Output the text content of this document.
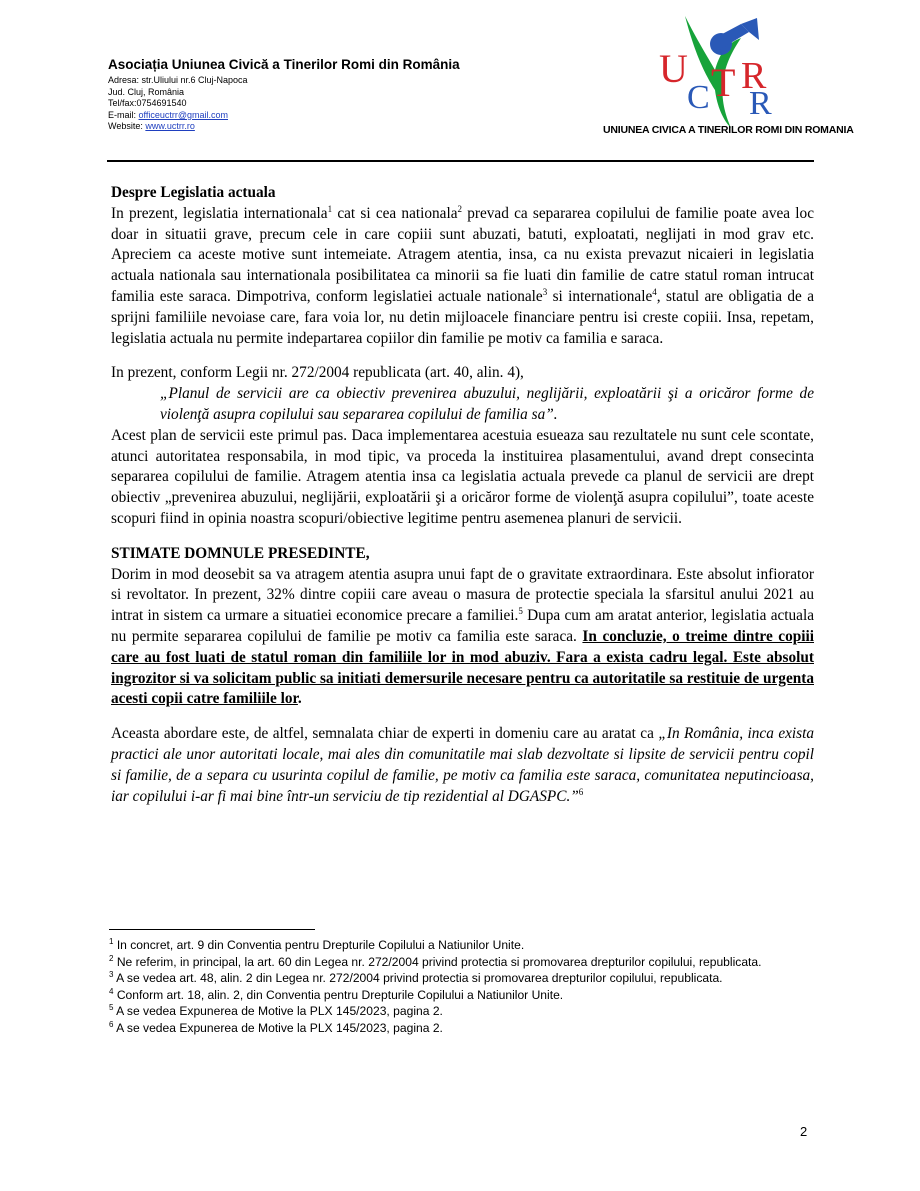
Asociația Uniunea Civică a Tinerilor Romi din România

Adresa: str.Uliului nr.6 Cluj-Napoca

Jud. Cluj, România

Tel/fax:0754691540

E-mail: officeuctrr@gmail.com

Website: www.uctrr.ro

U
C T R
R
UNIUNEA CIVICA A TINERILOR ROMI DIN ROMANIA

Despre Legislatia actuala

In prezent, legislatia internationala$^1$ cat si cea nationala$^2$ prevad ca separarea copilului de familie poate avea loc doar in situatii grave, precum cele in care copiii sunt abuzati, batuti, exploatati, neglijati in mod grav etc. Apreciem ca aceste motive sunt intemeiate. Atragem atentia, insa, ca nu exista prevazut nicaieri in legislatia actuala nationala sau internationala posibilitatea ca minorii sa fie luati din familie de catre statul roman intrucat familia este saraca. Dimpotriva, conform legislatiei actuale nationale$^3$ si internationale$^4$, statul are obligatia de a sprijni familiile nevoiase care, fara voia lor, nu detin mijloacele financiare pentru isi creste copiii. Insa, repetam, legislatia actuala nu permite indepartarea copiilor din familie pe motiv ca familia e saraca.

In prezent, conform Legii nr. 272/2004 republicata (art. 40, alin. 4),

„Planul de servicii are ca obiectiv prevenirea abuzului, neglijării, exploatării şi a oricăror forme de violenţă asupra copilului sau separarea copilului de familia sa”.

Acest plan de servicii este primul pas. Daca implementarea acestuia esueaza sau rezultatele nu sunt cele scontate, atunci autoritatea responsabila, in mod tipic, va proceda la instituirea plasamentului, avand drept consecinta separarea copilului de familie. Atragem atentia insa ca legislatia actuala prevede ca planul de servicii are drept obiectiv „prevenirea abuzului, neglijării, exploatării şi a oricăror forme de violenţă asupra copilului”, toate aceste scopuri fiind in opinia noastra scopuri/obiective legitime pentru asemenea planuri de servicii.

STIMATE DOMNULE PRESEDINTE,

Dorim in mod deosebit sa va atragem atentia asupra unui fapt de o gravitate extraordinara. Este absolut infiorator si revoltator. In prezent, 32% dintre copiii care aveau o masura de protectie speciala la sfarsitul anului 2021 au intrat in sistem ca urmare a situatiei economice precare a familiei.$^5$ Dupa cum am aratat anterior, legislatia actuala nu permite separarea copilului de familie pe motiv ca familia este saraca. In concluzie, o treime dintre copiii care au fost luati de statul roman din familiile lor in mod abuziv. Fara a exista cadru legal. Este absolut ingrozitor si va solicitam public sa initiati demersurile necesare pentru ca autoritatile sa restituie de urgenta acesti copii catre familiile lor.

Aceasta abordare este, de altfel, semnalata chiar de experti in domeniu care au aratat ca „In România, inca exista practici ale unor autoritati locale, mai ales din comunitatile mai slab dezvoltate si lipsite de servicii pentru copil si familie, de a separa cu usurinta copilul de familie, pe motiv ca familia este saraca, comunitatea neputincioasa, iar copilului i-ar fi mai bine într-un serviciu de tip rezidential al DGASPC.”$^6$

$^1$ In concret, art. 9 din Conventia pentru Drepturile Copilului a Natiunilor Unite.

$^2$ Ne referim, in principal, la art. 60 din Legea nr. 272/2004 privind protectia si promovarea drepturilor copilului, republicata.

$^3$ A se vedea art. 48, alin. 2 din Legea nr. 272/2004 privind protectia si promovarea drepturilor copilului, republicata.

$^4$ Conform art. 18, alin. 2, din Conventia pentru Drepturile Copilului a Natiunilor Unite.

$^5$ A se vedea Expunerea de Motive la PLX 145/2023, pagina 2.

$^6$ A se vedea Expunerea de Motive la PLX 145/2023, pagina 2.

2
